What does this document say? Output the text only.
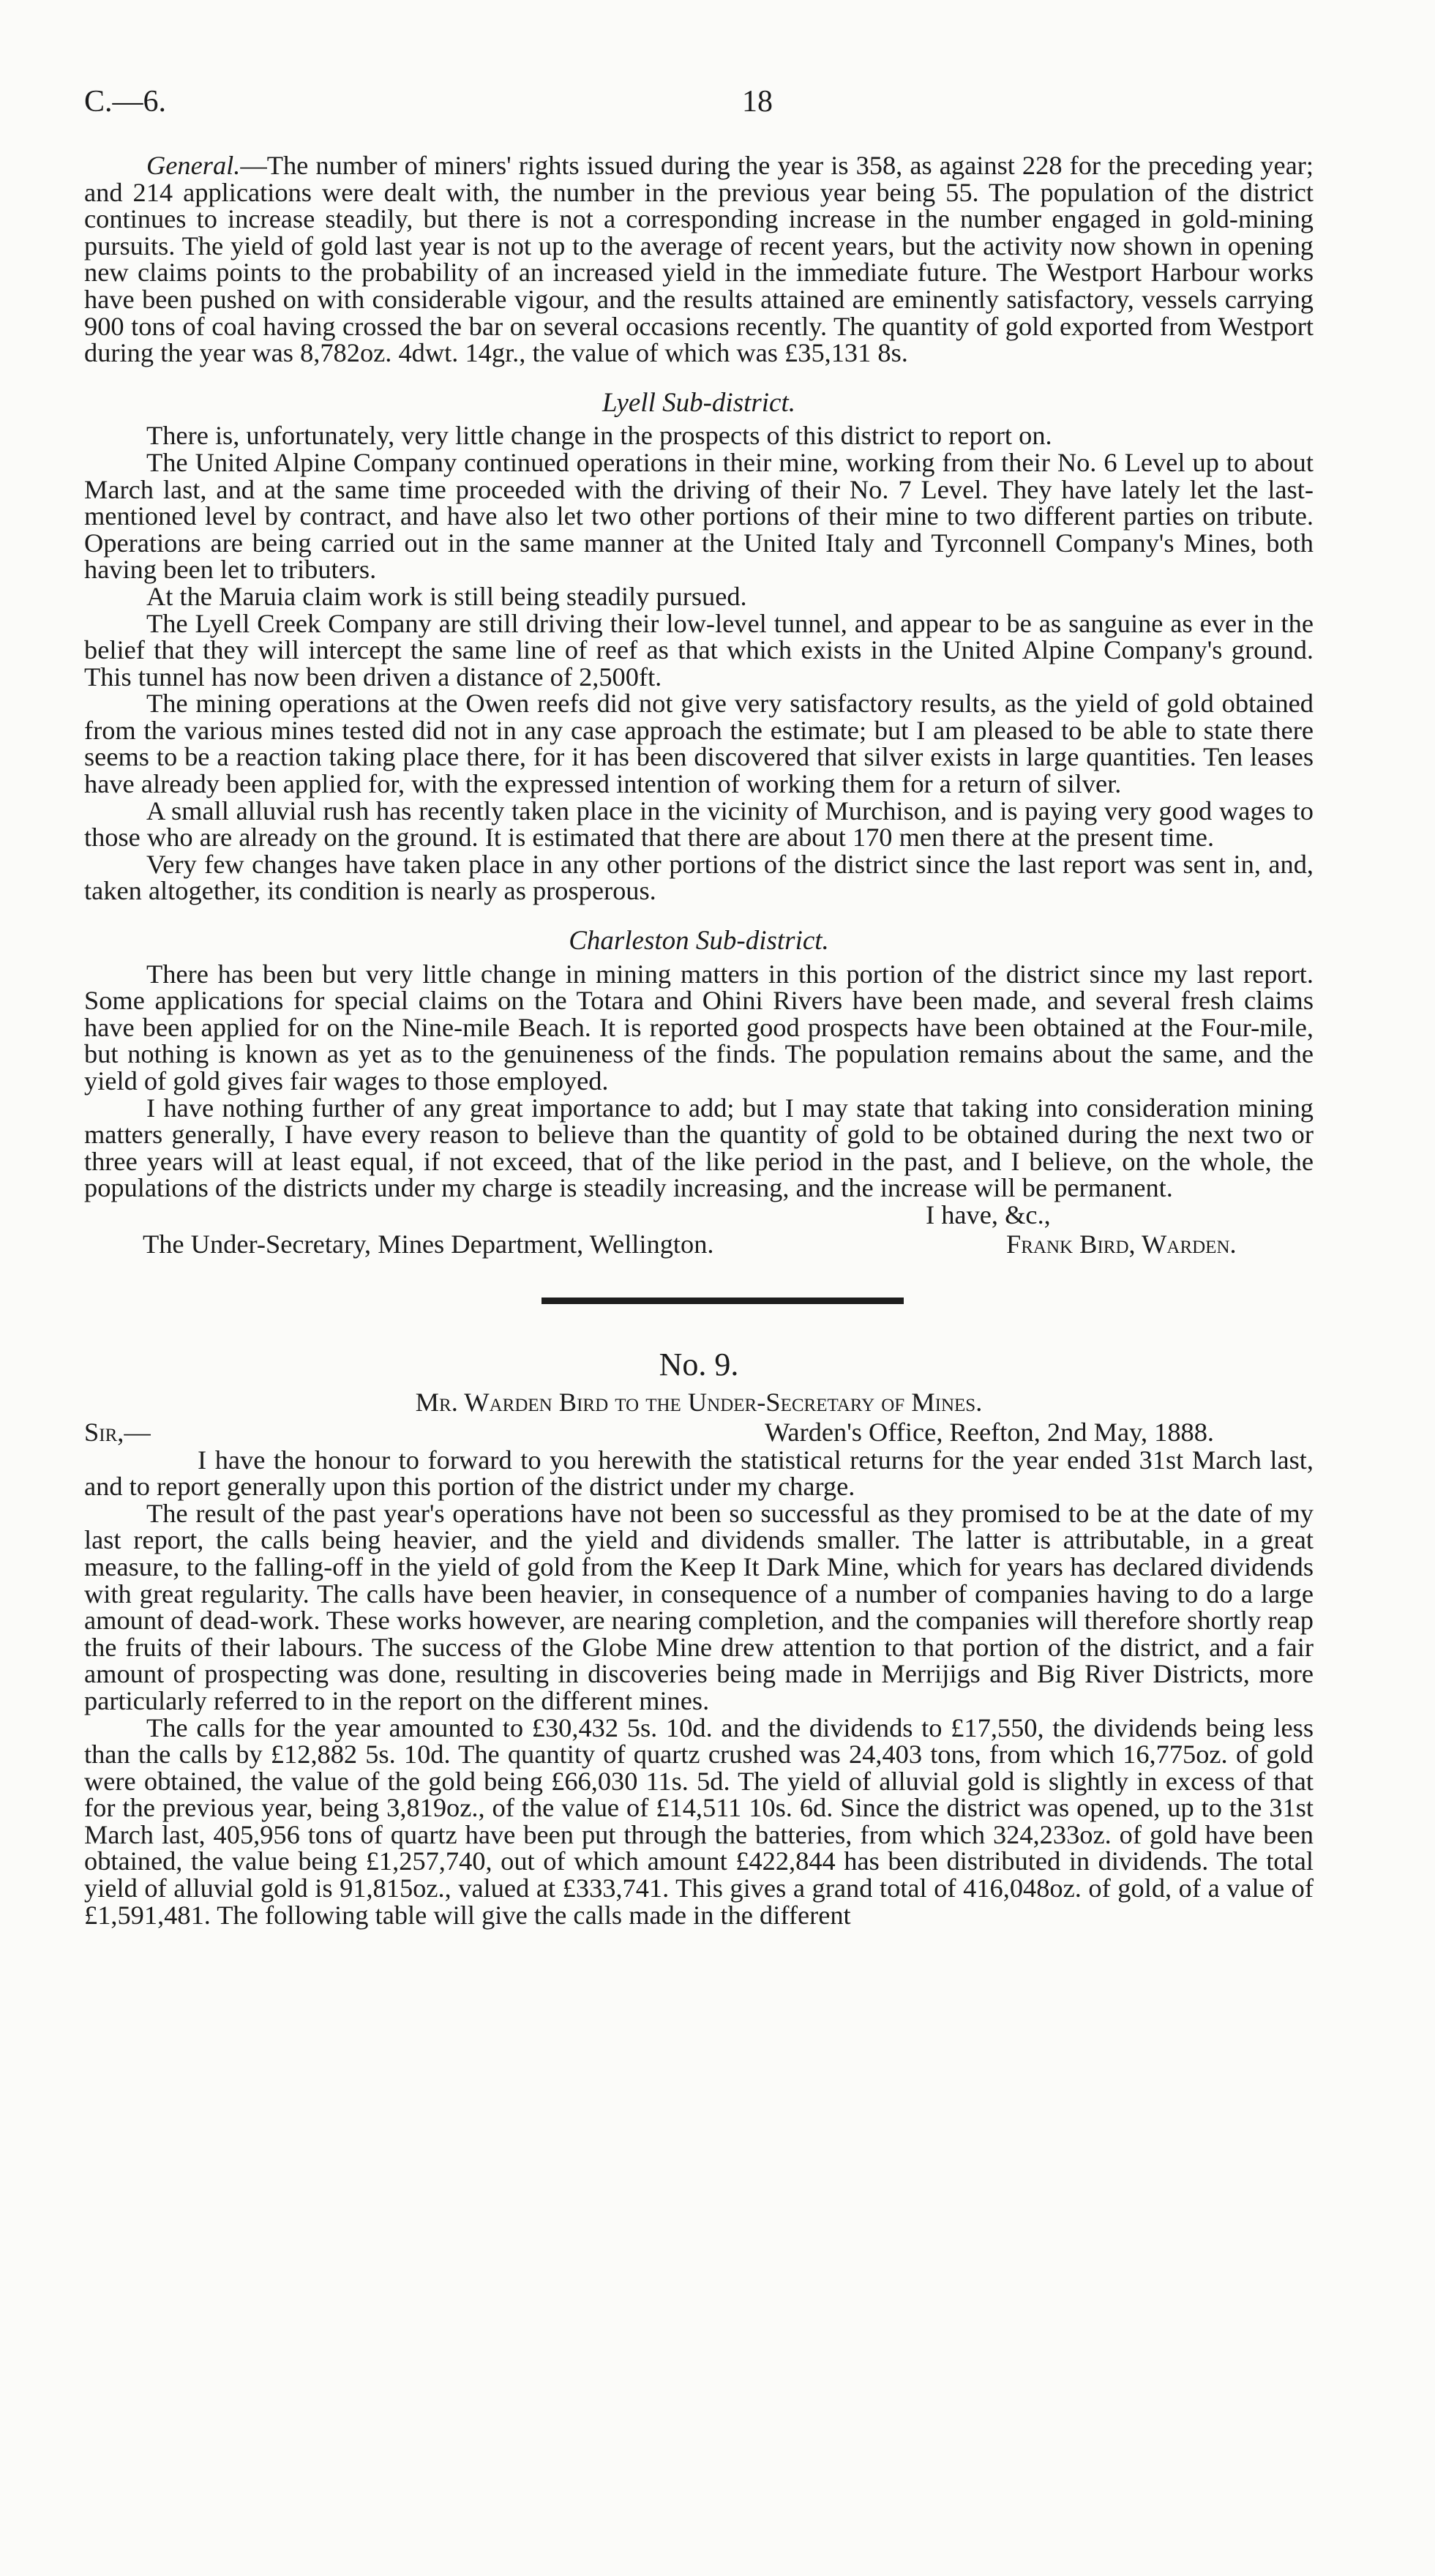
C.—6.	18

General.—The number of miners' rights issued during the year is 358, as against 228 for the preceding year; and 214 applications were dealt with, the number in the previous year being 55. The population of the district continues to increase steadily, but there is not a corresponding increase in the number engaged in gold-mining pursuits. The yield of gold last year is not up to the average of recent years, but the activity now shown in opening new claims points to the probability of an increased yield in the immediate future. The Westport Harbour works have been pushed on with considerable vigour, and the results attained are eminently satisfactory, vessels carrying 900 tons of coal having crossed the bar on several occasions recently. The quantity of gold exported from Westport during the year was 8,782oz. 4dwt. 14gr., the value of which was £35,131 8s.

Lyell Sub-district.

There is, unfortunately, very little change in the prospects of this district to report on.

The United Alpine Company continued operations in their mine, working from their No. 6 Level up to about March last, and at the same time proceeded with the driving of their No. 7 Level. They have lately let the last-mentioned level by contract, and have also let two other portions of their mine to two different parties on tribute. Operations are being carried out in the same manner at the United Italy and Tyrconnell Company's Mines, both having been let to tributers.

At the Maruia claim work is still being steadily pursued.

The Lyell Creek Company are still driving their low-level tunnel, and appear to be as sanguine as ever in the belief that they will intercept the same line of reef as that which exists in the United Alpine Company's ground. This tunnel has now been driven a distance of 2,500ft.

The mining operations at the Owen reefs did not give very satisfactory results, as the yield of gold obtained from the various mines tested did not in any case approach the estimate; but I am pleased to be able to state there seems to be a reaction taking place there, for it has been discovered that silver exists in large quantities. Ten leases have already been applied for, with the expressed intention of working them for a return of silver.

A small alluvial rush has recently taken place in the vicinity of Murchison, and is paying very good wages to those who are already on the ground. It is estimated that there are about 170 men there at the present time.

Very few changes have taken place in any other portions of the district since the last report was sent in, and, taken altogether, its condition is nearly as prosperous.

Charleston Sub-district.

There has been but very little change in mining matters in this portion of the district since my last report. Some applications for special claims on the Totara and Ohini Rivers have been made, and several fresh claims have been applied for on the Nine-mile Beach. It is reported good prospects have been obtained at the Four-mile, but nothing is known as yet as to the genuineness of the finds. The population remains about the same, and the yield of gold gives fair wages to those employed.

I have nothing further of any great importance to add; but I may state that taking into consideration mining matters generally, I have every reason to believe than the quantity of gold to be obtained during the next two or three years will at least equal, if not exceed, that of the like period in the past, and I believe, on the whole, the populations of the districts under my charge is steadily increasing, and the increase will be permanent.

I have, &c.,
The Under-Secretary, Mines Department, Wellington.	Frank Bird, Warden.
No. 9.
Mr. Warden Bird to the Under-Secretary of Mines.
Sir,—	Warden's Office, Reefton, 2nd May, 1888.

I have the honour to forward to you herewith the statistical returns for the year ended 31st March last, and to report generally upon this portion of the district under my charge.

The result of the past year's operations have not been so successful as they promised to be at the date of my last report, the calls being heavier, and the yield and dividends smaller. The latter is attributable, in a great measure, to the falling-off in the yield of gold from the Keep It Dark Mine, which for years has declared dividends with great regularity. The calls have been heavier, in consequence of a number of companies having to do a large amount of dead-work. These works however, are nearing completion, and the companies will therefore shortly reap the fruits of their labours. The success of the Globe Mine drew attention to that portion of the district, and a fair amount of prospecting was done, resulting in discoveries being made in Merrijigs and Big River Districts, more particularly referred to in the report on the different mines.

The calls for the year amounted to £30,432 5s. 10d. and the dividends to £17,550, the dividends being less than the calls by £12,882 5s. 10d. The quantity of quartz crushed was 24,403 tons, from which 16,775oz. of gold were obtained, the value of the gold being £66,030 11s. 5d. The yield of alluvial gold is slightly in excess of that for the previous year, being 3,819oz., of the value of £14,511 10s. 6d. Since the district was opened, up to the 31st March last, 405,956 tons of quartz have been put through the batteries, from which 324,233oz. of gold have been obtained, the value being £1,257,740, out of which amount £422,844 has been distributed in dividends. The total yield of alluvial gold is 91,815oz., valued at £333,741. This gives a grand total of 416,048oz. of gold, of a value of £1,591,481. The following table will give the calls made in the different
